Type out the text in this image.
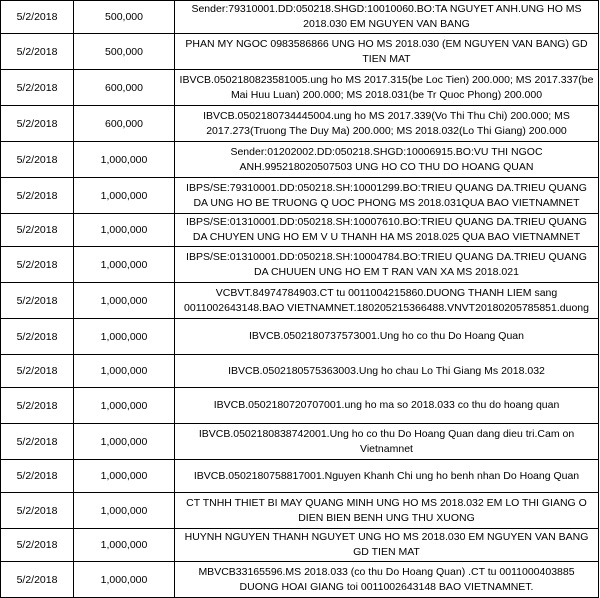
5/2/2018	500,000	Sender:79310001.DD:050218.SHGD:10010060.BO:TA NGUYET ANH.UNG HO MS 2018.030 EM NGUYEN VAN BANG
5/2/2018	500,000	PHAN MY NGOC 0983586866 UNG HO MS 2018.030 (EM NGUYEN VAN BANG) GD TIEN MAT
5/2/2018	600,000	IBVCB.0502180823581005.ung ho MS 2017.315(be Loc Tien) 200.000; MS 2017.337(be Mai Huu Luan) 200.000; MS 2018.031(be Tr Quoc Phong) 200.000
5/2/2018	600,000	IBVCB.0502180734445004.ung ho MS 2017.339(Vo Thi Thu Chi) 200.000; MS 2017.273(Truong The Duy Ma) 200.000; MS 2018.032(Lo Thi Giang) 200.000
5/2/2018	1,000,000	Sender:01202002.DD:050218.SHGD:10006915.BO:VU THI NGOC ANH.995218020507503 UNG HO CO THU DO HOANG QUAN
5/2/2018	1,000,000	IBPS/SE:79310001.DD:050218.SH:10001299.BO:TRIEU QUANG DA.TRIEU QUANG DA UNG HO BE TRUONG Q UOC PHONG MS 2018.031QUA BAO VIETNAMNET
5/2/2018	1,000,000	IBPS/SE:01310001.DD:050218.SH:10007610.BO:TRIEU QUANG DA.TRIEU QUANG DA CHUYEN UNG HO EM V U THANH HA MS 2018.025 QUA BAO VIETNAMNET
5/2/2018	1,000,000	IBPS/SE:01310001.DD:050218.SH:10004784.BO:TRIEU QUANG DA.TRIEU QUANG DA CHUUEN UNG HO EM T RAN VAN XA MS 2018.021
5/2/2018	1,000,000	VCBVT.84974784903.CT tu 0011004215860.DUONG THANH LIEM sang 0011002643148.BAO VIETNAMNET.180205215366488.VNVT20180205785851.duong
5/2/2018	1,000,000	IBVCB.0502180737573001.Ung ho co thu Do Hoang Quan
5/2/2018	1,000,000	IBVCB.0502180575363003.Ung ho chau Lo Thi Giang Ms 2018.032
5/2/2018	1,000,000	IBVCB.0502180720707001.ung ho ma so 2018.033 co thu do hoang quan
5/2/2018	1,000,000	IBVCB.0502180838742001.Ung ho co thu Do Hoang Quan dang dieu tri.Cam on Vietnamnet
5/2/2018	1,000,000	IBVCB.0502180758817001.Nguyen Khanh Chi ung ho benh nhan Do Hoang Quan
5/2/2018	1,000,000	CT TNHH THIET BI MAY QUANG MINH UNG HO MS 2018.032 EM LO THI GIANG O DIEN BIEN BENH UNG THU XUONG
5/2/2018	1,000,000	HUYNH NGUYEN THANH NGUYET UNG HO MS 2018.030 EM NGUYEN VAN BANG GD TIEN MAT
5/2/2018	1,000,000	MBVCB33165596.MS 2018.033 (co thu Do Hoang Quan) .CT tu 0011000403885 DUONG HOAI GIANG toi 0011002643148 BAO VIETNAMNET.
